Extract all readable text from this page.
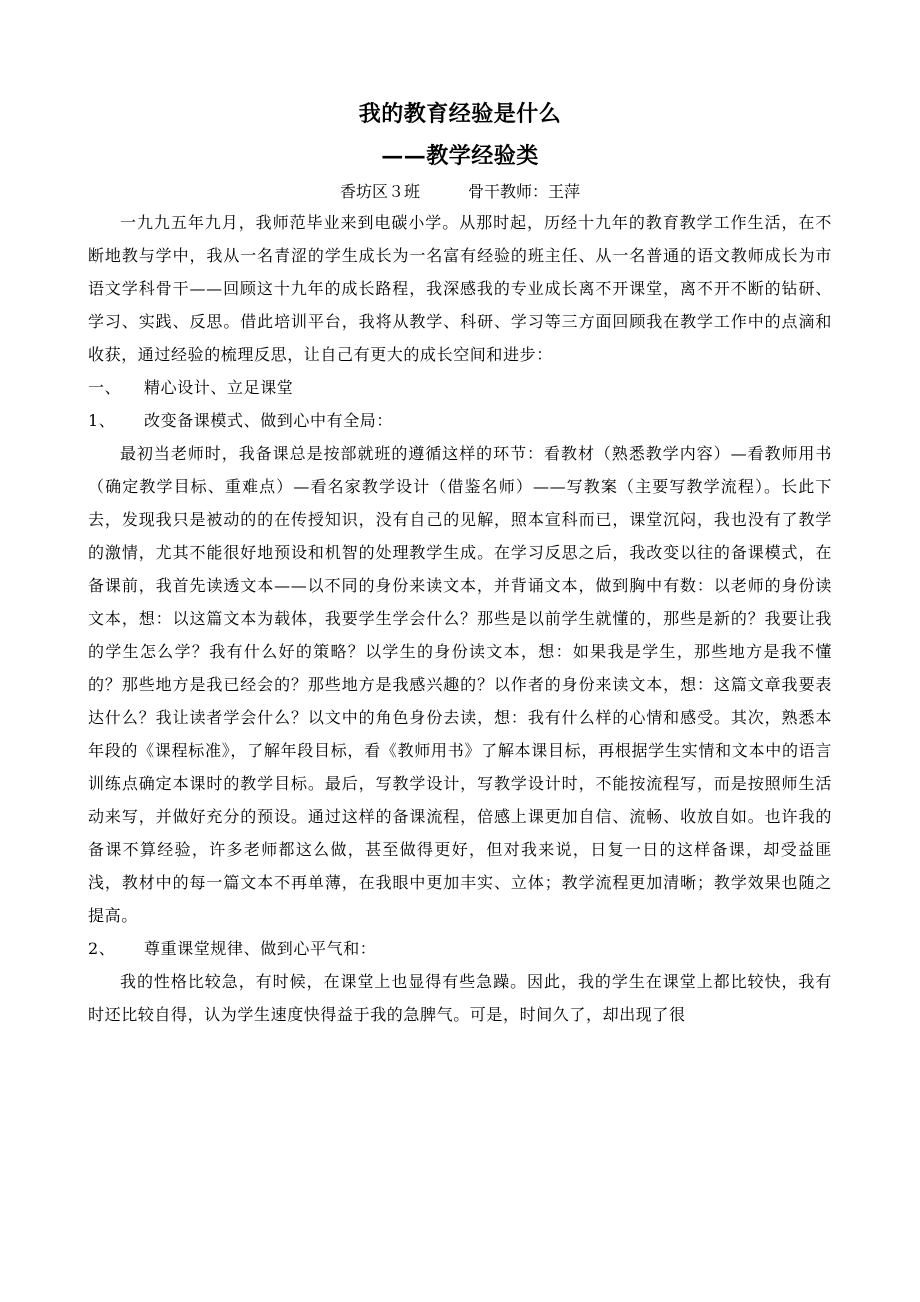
我的教育经验是什么
——教学经验类

香坊区３班　　　骨干教师：王萍

一九九五年九月，我师范毕业来到电碳小学。从那时起，历经十九年的教育教学工作生活，在不断地教与学中，我从一名青涩的学生成长为一名富有经验的班主任、从一名普通的语文教师成长为市语文学科骨干——回顾这十九年的成长路程，我深感我的专业成长离不开课堂，离不开不断的钻研、学习、实践、反思。借此培训平台，我将从教学、科研、学习等三方面回顾我在教学工作中的点滴和收获，通过经验的梳理反思，让自己有更大的成长空间和进步：

一、 精心设计、立足课堂

1、 改变备课模式、做到心中有全局：

最初当老师时，我备课总是按部就班的遵循这样的环节：看教材（熟悉教学内容）—看教师用书（确定教学目标、重难点）—看名家教学设计（借鉴名师）——写教案（主要写教学流程）。长此下去，发现我只是被动的的在传授知识，没有自己的见解，照本宣科而已，课堂沉闷，我也没有了教学的激情，尤其不能很好地预设和机智的处理教学生成。在学习反思之后，我改变以往的备课模式，在备课前，我首先读透文本——以不同的身份来读文本，并背诵文本，做到胸中有数：以老师的身份读文本，想：以这篇文本为载体，我要学生学会什么？那些是以前学生就懂的，那些是新的？我要让我的学生怎么学？我有什么好的策略？以学生的身份读文本，想：如果我是学生，那些地方是我不懂的？那些地方是我已经会的？那些地方是我感兴趣的？以作者的身份来读文本，想：这篇文章我要表达什么？我让读者学会什么？以文中的角色身份去读，想：我有什么样的心情和感受。其次，熟悉本年段的《课程标准》，了解年段目标，看《教师用书》了解本课目标，再根据学生实情和文本中的语言训练点确定本课时的教学目标。最后，写教学设计，写教学设计时，不能按流程写，而是按照师生活动来写，并做好充分的预设。通过这样的备课流程，倍感上课更加自信、流畅、收放自如。也许我的备课不算经验，许多老师都这么做，甚至做得更好，但对我来说，日复一日的这样备课，却受益匪浅，教材中的每一篇文本不再单薄，在我眼中更加丰实、立体；教学流程更加清晰；教学效果也随之提高。

2、 尊重课堂规律、做到心平气和：

我的性格比较急，有时候，在课堂上也显得有些急躁。因此，我的学生在课堂上都比较快，我有时还比较自得，认为学生速度快得益于我的急脾气。可是，时间久了，却出现了很
